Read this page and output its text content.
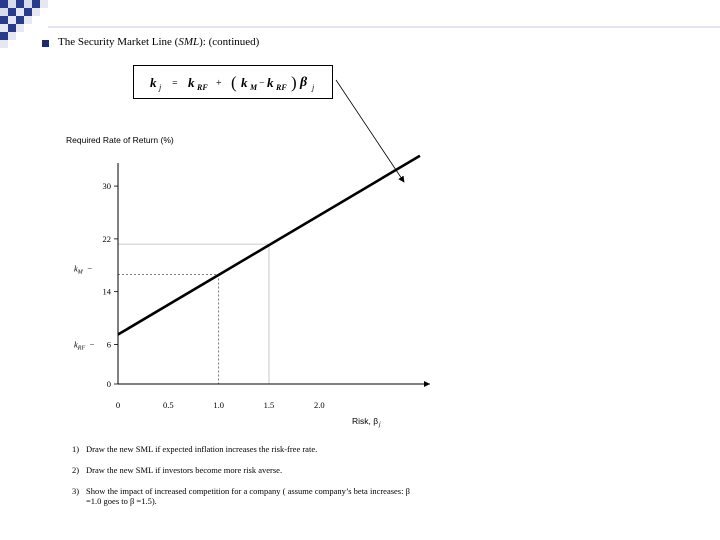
The Security Market Line (SML): (continued)
k j = k RF + ( k M − k RF ) β j
Required Rate of Return (%)
0
6
14
22
30
0	0.5	1.0	1.5	2.0
$k_{RF}$ −
$k_M$ −
Risk, $\beta_j$
1) Draw the new SML if expected inflation increases the risk-free rate.
2) Draw the new SML if investors become more risk averse.
3) Show the impact of increased competition for a company ( assume company’s beta increases: β =1.0 goes to β =1.5).
